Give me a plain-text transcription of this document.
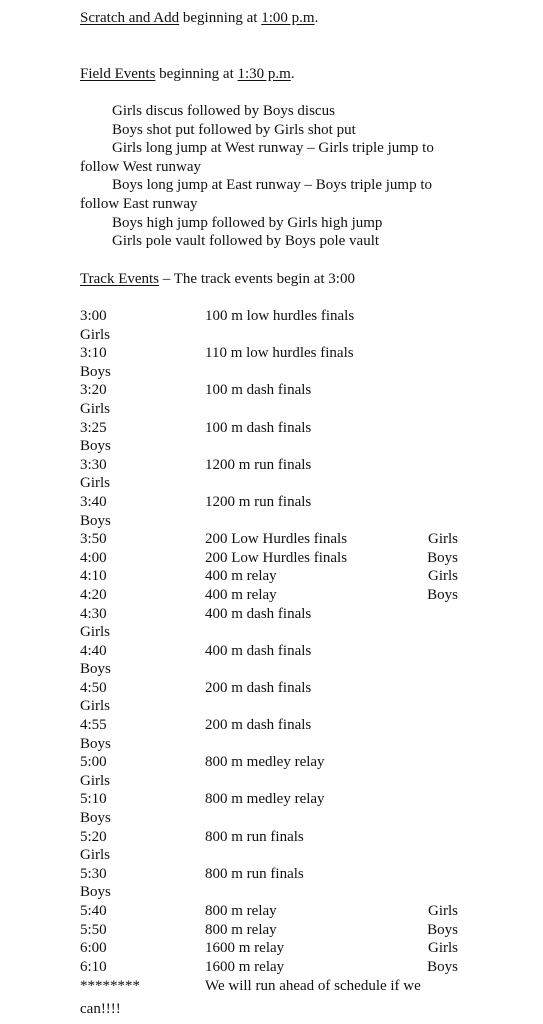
Scratch and Add beginning at 1:00 p.m.
Field Events beginning at 1:30 p.m.
Girls discus followed by Boys discus
Boys shot put followed by Girls shot put
Girls long jump at West runway – Girls triple jump to
follow West runway
Boys long jump at East runway – Boys triple jump to
follow East runway
Boys high jump followed by Girls high jump
Girls pole vault followed by Boys pole vault
Track Events – The track events begin at 3:00
3:00	100 m low hurdles finals
Girls
3:10	110 m low hurdles finals
Boys
3:20	100 m dash finals
Girls
3:25	100 m dash finals
Boys
3:30	1200 m run finals
Girls
3:40	1200 m run finals
Boys
3:50	200 Low Hurdles finals	Girls
4:00	200 Low Hurdles finals	Boys
4:10	400 m relay	Girls
4:20	400 m relay	Boys
4:30	400 m dash finals
Girls
4:40	400 m dash finals
Boys
4:50	200 m dash finals
Girls
4:55	200 m dash finals
Boys
5:00	800 m medley relay
Girls
5:10	800 m medley relay
Boys
5:20	800 m run finals
Girls
5:30	800 m run finals
Boys
5:40	800 m relay	Girls
5:50	800 m relay	Boys
6:00	1600 m relay	Girls
6:10	1600 m relay	Boys
********	We will run ahead of schedule if we
can!!!!
